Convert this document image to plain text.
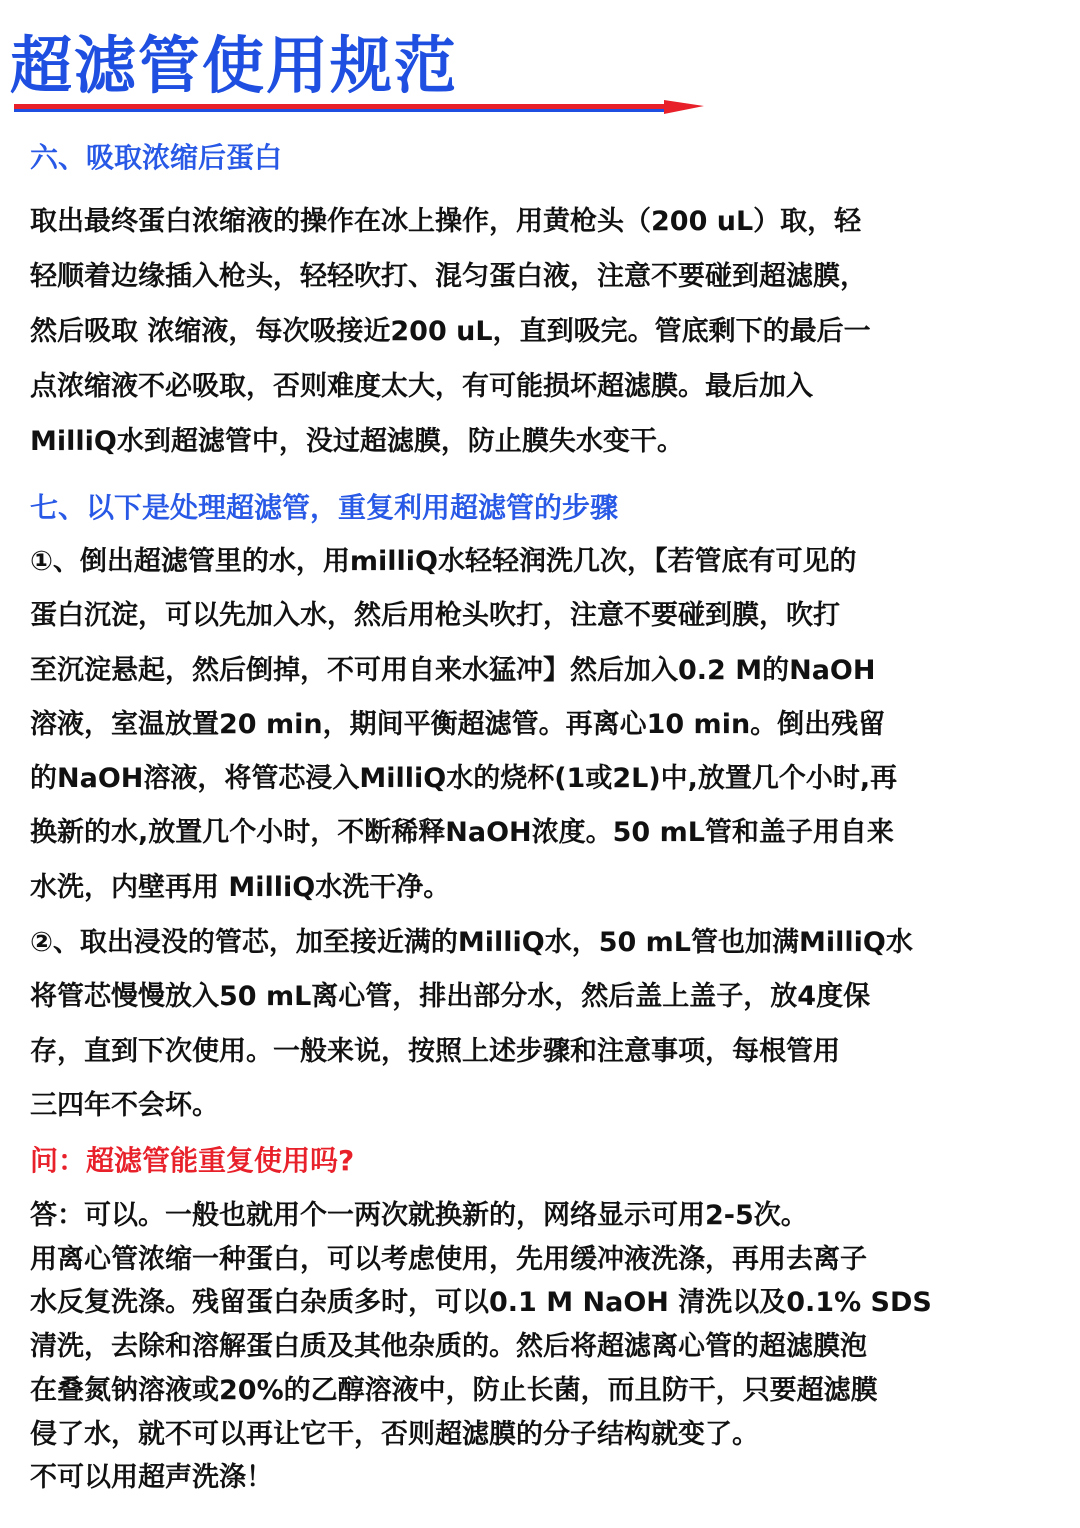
超滤管使用规范
六、吸取浓缩后蛋白
取出最终蛋白浓缩液的操作在冰上操作，用黄枪头（200 uL）取，轻
轻顺着边缘插入枪头，轻轻吹打、混匀蛋白液，注意不要碰到超滤膜，
然后吸取 浓缩液，每次吸接近200 uL，直到吸完。管底剩下的最后一
点浓缩液不必吸取，否则难度太大，有可能损坏超滤膜。最后加入
MilliQ水到超滤管中，没过超滤膜，防止膜失水变干。
七、以下是处理超滤管，重复利用超滤管的步骤
①、倒出超滤管里的水，用milliQ水轻轻润洗几次，【若管底有可见的
蛋白沉淀，可以先加入水，然后用枪头吹打，注意不要碰到膜，吹打
至沉淀悬起，然后倒掉，不可用自来水猛冲】然后加入0.2 M的NaOH
溶液，室温放置20 min，期间平衡超滤管。再离心10 min。倒出残留
的NaOH溶液，将管芯浸入MilliQ水的烧杯(1或2L)中,放置几个小时,再
换新的水,放置几个小时，不断稀释NaOH浓度。50 mL管和盖子用自来
水洗，内壁再用 MilliQ水洗干净。
②、取出浸没的管芯，加至接近满的MilliQ水，50 mL管也加满MilliQ水
将管芯慢慢放入50 mL离心管，排出部分水，然后盖上盖子，放4度保
存，直到下次使用。一般来说，按照上述步骤和注意事项，每根管用
三四年不会坏。
问：超滤管能重复使用吗?
答：可以。一般也就用个一两次就换新的，网络显示可用2-5次。
用离心管浓缩一种蛋白，可以考虑使用，先用缓冲液洗涤，再用去离子
水反复洗涤。残留蛋白杂质多时，可以0.1 M NaOH 清洗以及0.1% SDS
清洗，去除和溶解蛋白质及其他杂质的。然后将超滤离心管的超滤膜泡
在叠氮钠溶液或20%的乙醇溶液中，防止长菌，而且防干，只要超滤膜
侵了水，就不可以再让它干，否则超滤膜的分子结构就变了。
不可以用超声洗涤！
